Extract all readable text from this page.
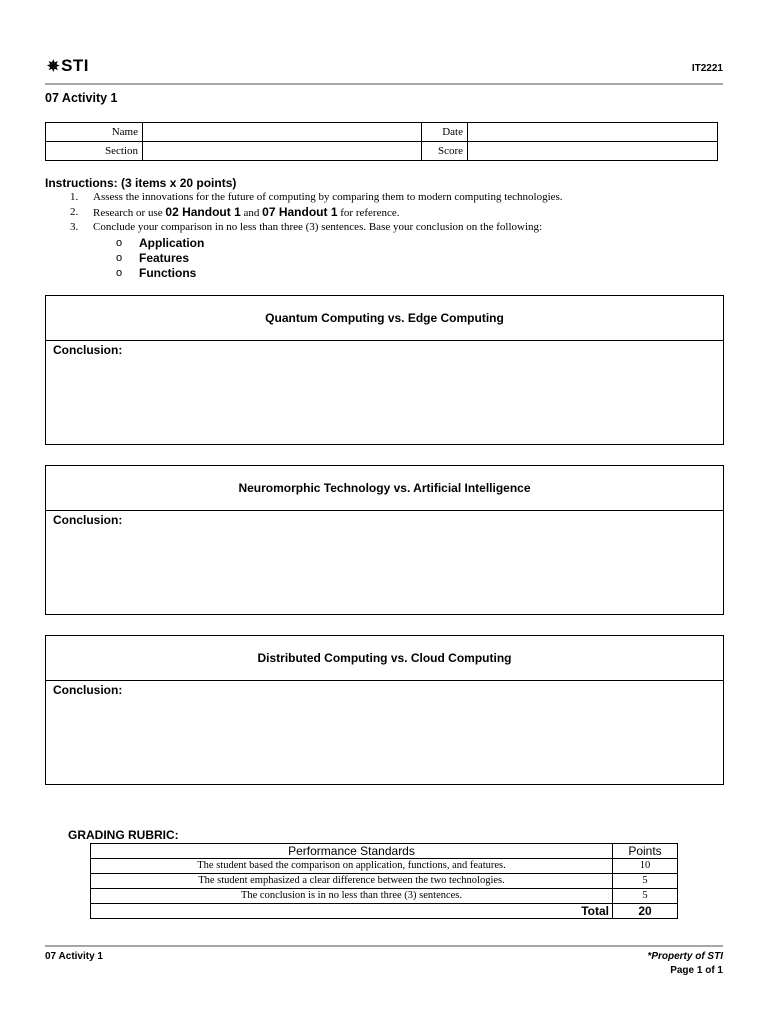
✵ STI	IT2221
07 Activity 1
Name		Date	
Section		Score	
Instructions: (3 items x 20 points)
1. Assess the innovations for the future of computing by comparing them to modern computing technologies.
2. Research or use 02 Handout 1 and 07 Handout 1 for reference.
3. Conclude your comparison in no less than three (3) sentences. Base your conclusion on the following:
o Application
o Features
o Functions
Quantum Computing vs. Edge Computing
Conclusion:
Neuromorphic Technology vs. Artificial Intelligence
Conclusion:
Distributed Computing vs. Cloud Computing
Conclusion:
GRADING RUBRIC:
Performance Standards	Points
The student based the comparison on application, functions, and features.	10
The student emphasized a clear difference between the two technologies.	5
The conclusion is in no less than three (3) sentences.	5
Total	20
07 Activity 1	*Property of STI
Page 1 of 1
